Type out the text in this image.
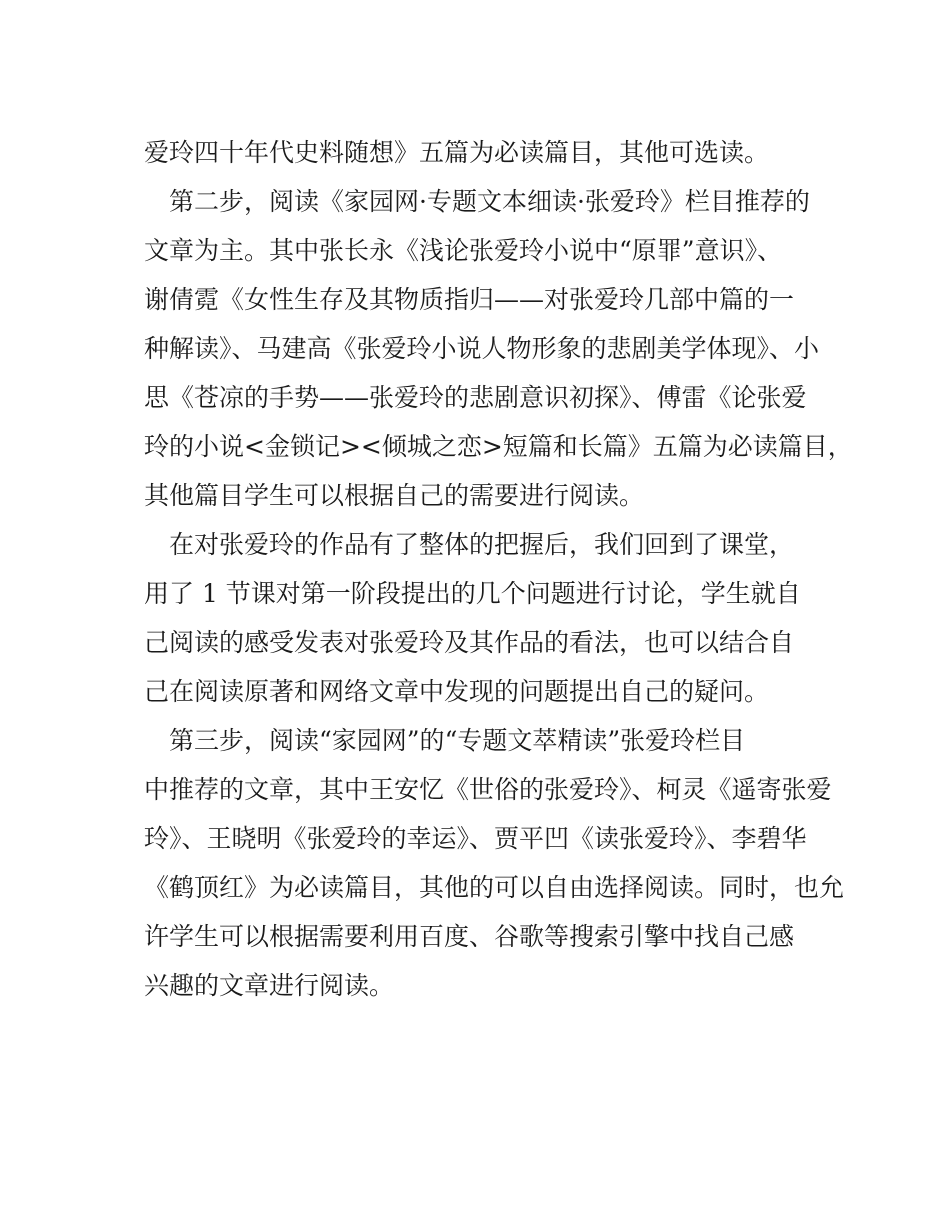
爱玲四十年代史料随想》五篇为必读篇目，其他可选读。
　第二步，阅读《家园网·专题文本细读·张爱玲》栏目推荐的
文章为主。其中张长永《浅论张爱玲小说中“原罪”意识》、
谢倩霓《女性生存及其物质指归——对张爱玲几部中篇的一
种解读》、马建高《张爱玲小说人物形象的悲剧美学体现》、小
思《苍凉的手势——张爱玲的悲剧意识初探》、傅雷《论张爱
玲的小说<金锁记><倾城之恋>短篇和长篇》五篇为必读篇目，
其他篇目学生可以根据自己的需要进行阅读。
　在对张爱玲的作品有了整体的把握后，我们回到了课堂，
用了 1 节课对第一阶段提出的几个问题进行讨论，学生就自
己阅读的感受发表对张爱玲及其作品的看法，也可以结合自
己在阅读原著和网络文章中发现的问题提出自己的疑问。
　第三步，阅读“家园网”的“专题文萃精读”张爱玲栏目
中推荐的文章，其中王安忆《世俗的张爱玲》、柯灵《遥寄张爱
玲》、王晓明《张爱玲的幸运》、贾平凹《读张爱玲》、李碧华
《鹤顶红》为必读篇目，其他的可以自由选择阅读。同时，也允
许学生可以根据需要利用百度、谷歌等搜索引擎中找自己感
兴趣的文章进行阅读。
